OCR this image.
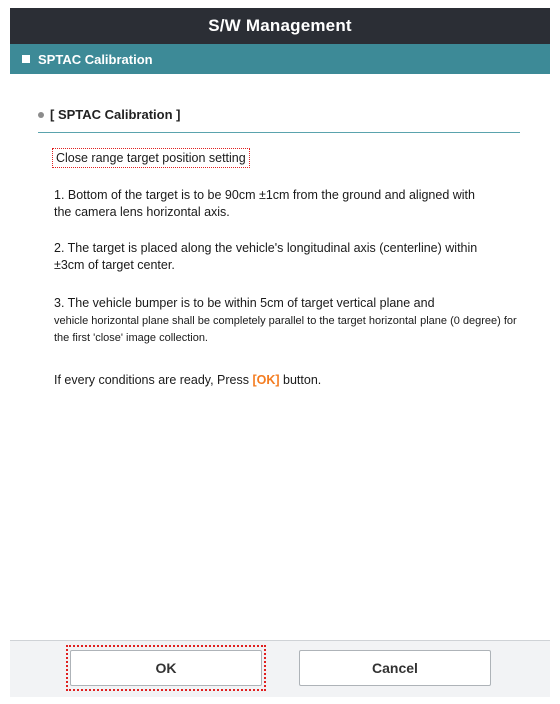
S/W Management
SPTAC Calibration
[ SPTAC Calibration ]
Close range target position setting
1. Bottom of the target is to be 90cm ±1cm from the ground and aligned with
the camera lens horizontal axis.
2. The target is placed along the vehicle's longitudinal axis (centerline) within
±3cm of target center.
3. The vehicle bumper is to be within 5cm of target vertical plane and
vehicle horizontal plane shall be completely parallel to the target horizontal plane (0 degree) for the first 'close' image collection.
If every conditions are ready, Press [OK] button.
OK	Cancel
